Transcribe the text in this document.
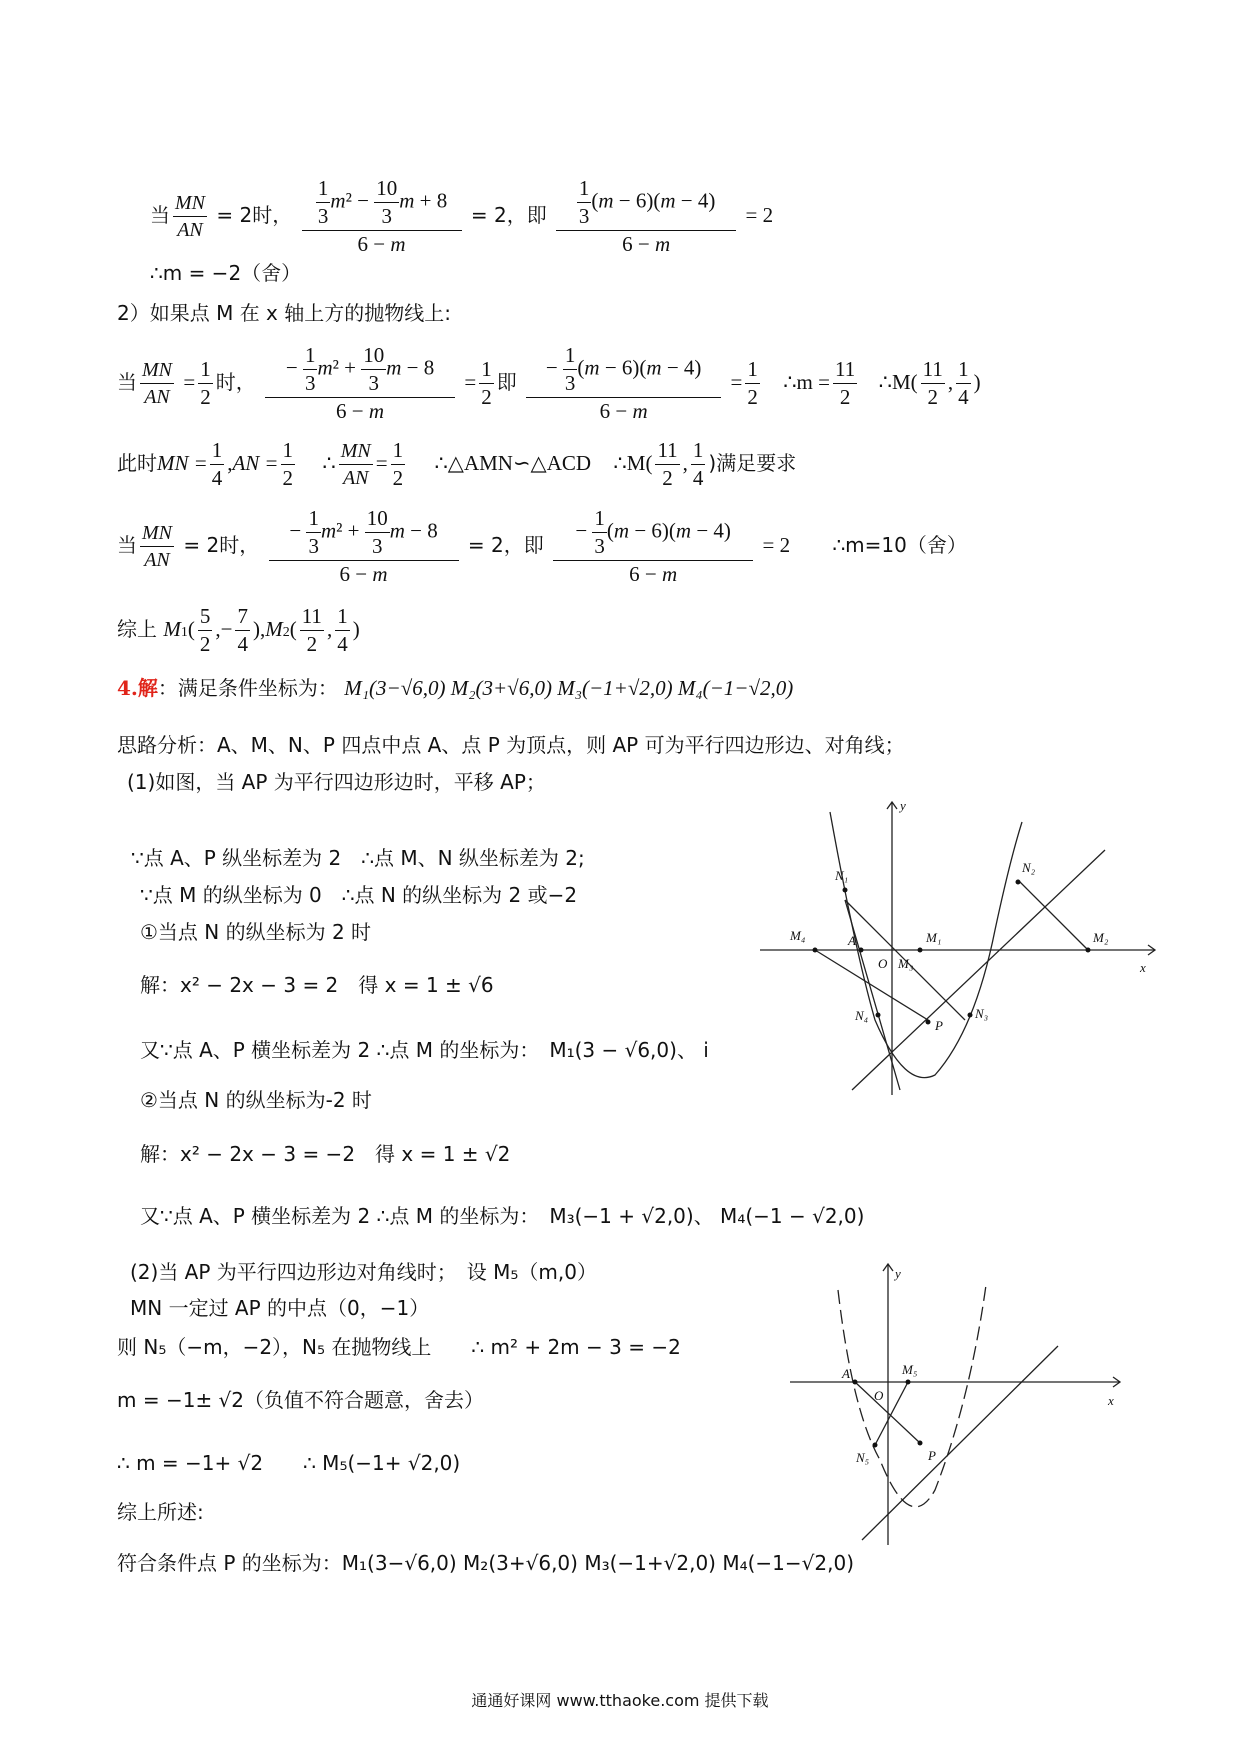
当 $\frac{MN}{AN} = 2$时， $\frac{\frac{1}{3} m^2 - \frac{10}{3} m + 8}{6 - m} = 2$，即 $\frac{\frac{1}{3} (m - 6)(m - 4)}{6 - m} = 2$
∴m = −2（舍）
2）如果点 M 在 x 轴上方的抛物线上:
当 $\frac{MN}{AN} = \frac{1}{2}$ 时， $\frac{- \frac{1}{3} m^2 + \frac{10}{3} m - 8}{6 - m} = \frac{1}{2}$ 即 $\frac{- \frac{1}{3} (m - 6)(m - 4)}{6 - m} = \frac{1}{2}$ ∴m = $\frac{11}{2}$ ∴M( $\frac{11}{2}$ , $\frac{1}{4}$ )
此时MN = $\frac{1}{4} ,AN = \frac{1}{2}$ ∴ $\frac{MN}{AN} = \frac{1}{2}$ ∴△AMN∽△ACD ∴M( $\frac{11}{2}$ , $\frac{1}{4}$ )满足要求
当 $\frac{MN}{AN} = 2$时， $\frac{- \frac{1}{3} m^2 + \frac{10}{3} m - 8}{6 - m} = 2$，即 $\frac{- \frac{1}{3} (m - 6)(m - 4)}{6 - m} = 2$ ∴m=10（舍）
综上 $M1( \frac{5}{2}$ ,− $\frac{7}{4} ),M2( \frac{11}{2}$ , $\frac{1}{4}$ )
4.解：满足条件坐标为： M₁(3−√6,0) M₂(3+√6,0) M₃(−1+√2,0) M₄(−1−√2,0)
思路分析：A、M、N、P 四点中点 A、点 P 为顶点，则 AP 可为平行四边形边、对角线；
(1)如图，当 AP 为平行四边形边时，平移 AP；
∵点 A、P 纵坐标差为 2　∴点 M、N 纵坐标差为 2;
∵点 M 的纵坐标为 0　∴点 N 的纵坐标为 2 或−2
①当点 N 的纵坐标为 2 时
解：x² − 2x − 3 = 2　得 x = 1 ± √6
又∵点 A、P 横坐标差为 2 ∴点 M 的坐标为：　M₁(3 − √6,0)、 i
②当点 N 的纵坐标为-2 时
解：x² − 2x − 3 = −2　得 x = 1 ± √2
又∵点 A、P 横坐标差为 2 ∴点 M 的坐标为：　M₃(−1 + √2,0)、 M₄(−1 − √2,0)
(2)当 AP 为平行四边形边对角线时；　设 M₅（m,0）
MN 一定过 AP 的中点（0，−1）
则 N₅（−m，−2），N₅ 在抛物线上　　∴ m² + 2m − 3 = −2
m = −1± √2（负值不符合题意，舍去）
∴ m = −1+ √2　　∴ M₅(−1+ √2,0)
综上所述:
符合条件点 P 的坐标为：M₁(3−√6,0) M₂(3+√6,0) M₃(−1+√2,0) M₄(−1−√2,0)
y
x
N₁
N₂
M₄	A	M₁	M₂
O M₃
N₄
P
N₃
y
x
A	M₅
O
N₅	P
通通好课网 www.tthaoke.com 提供下载
